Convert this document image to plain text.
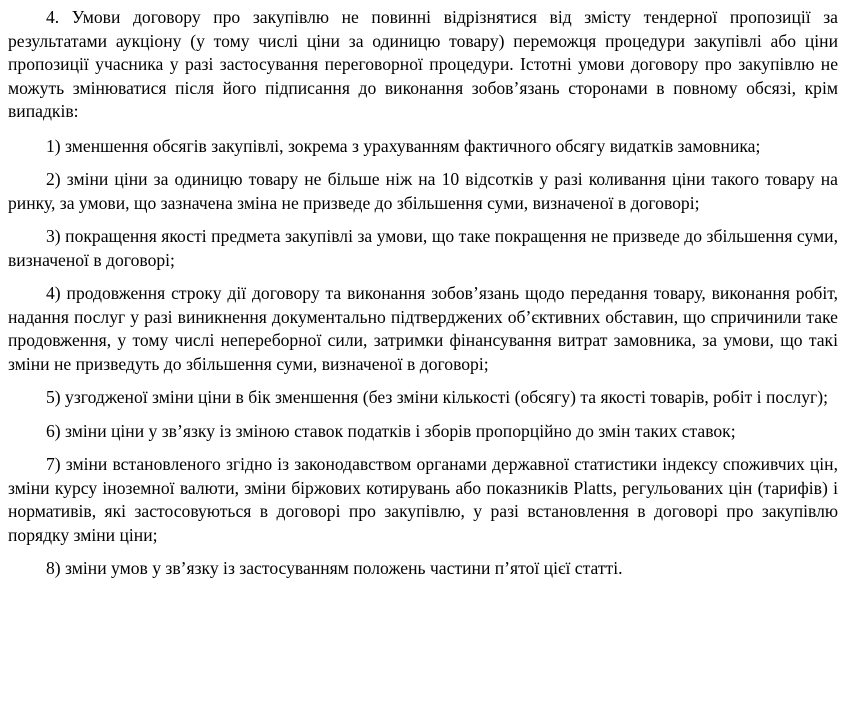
4. Умови договору про закупівлю не повинні відрізнятися від змісту тендерної пропозиції за результатами аукціону (у тому числі ціни за одиницю товару) переможця процедури закупівлі або ціни пропозиції учасника у разі застосування переговорної процедури. Істотні умови договору про закупівлю не можуть змінюватися після його підписання до виконання зобов’язань сторонами в повному обсязі, крім випадків:

1) зменшення обсягів закупівлі, зокрема з урахуванням фактичного обсягу видатків замовника;

2) зміни ціни за одиницю товару не більше ніж на 10 відсотків у разі коливання ціни такого товару на ринку, за умови, що зазначена зміна не призведе до збільшення суми, визначеної в договорі;

3) покращення якості предмета закупівлі за умови, що таке покращення не призведе до збільшення суми, визначеної в договорі;

4) продовження строку дії договору та виконання зобов’язань щодо передання товару, виконання робіт, надання послуг у разі виникнення документально підтверджених об’єктивних обставин, що спричинили таке продовження, у тому числі непереборної сили, затримки фінансування витрат замовника, за умови, що такі зміни не призведуть до збільшення суми, визначеної в договорі;

5) узгодженої зміни ціни в бік зменшення (без зміни кількості (обсягу) та якості товарів, робіт і послуг);

6) зміни ціни у зв’язку із зміною ставок податків і зборів пропорційно до змін таких ставок;

7) зміни встановленого згідно із законодавством органами державної статистики індексу споживчих цін, зміни курсу іноземної валюти, зміни біржових котирувань або показників Platts, регульованих цін (тарифів) і нормативів, які застосовуються в договорі про закупівлю, у разі встановлення в договорі про закупівлю порядку зміни ціни;

8) зміни умов у зв’язку із застосуванням положень частини п’ятої цієї статті.
